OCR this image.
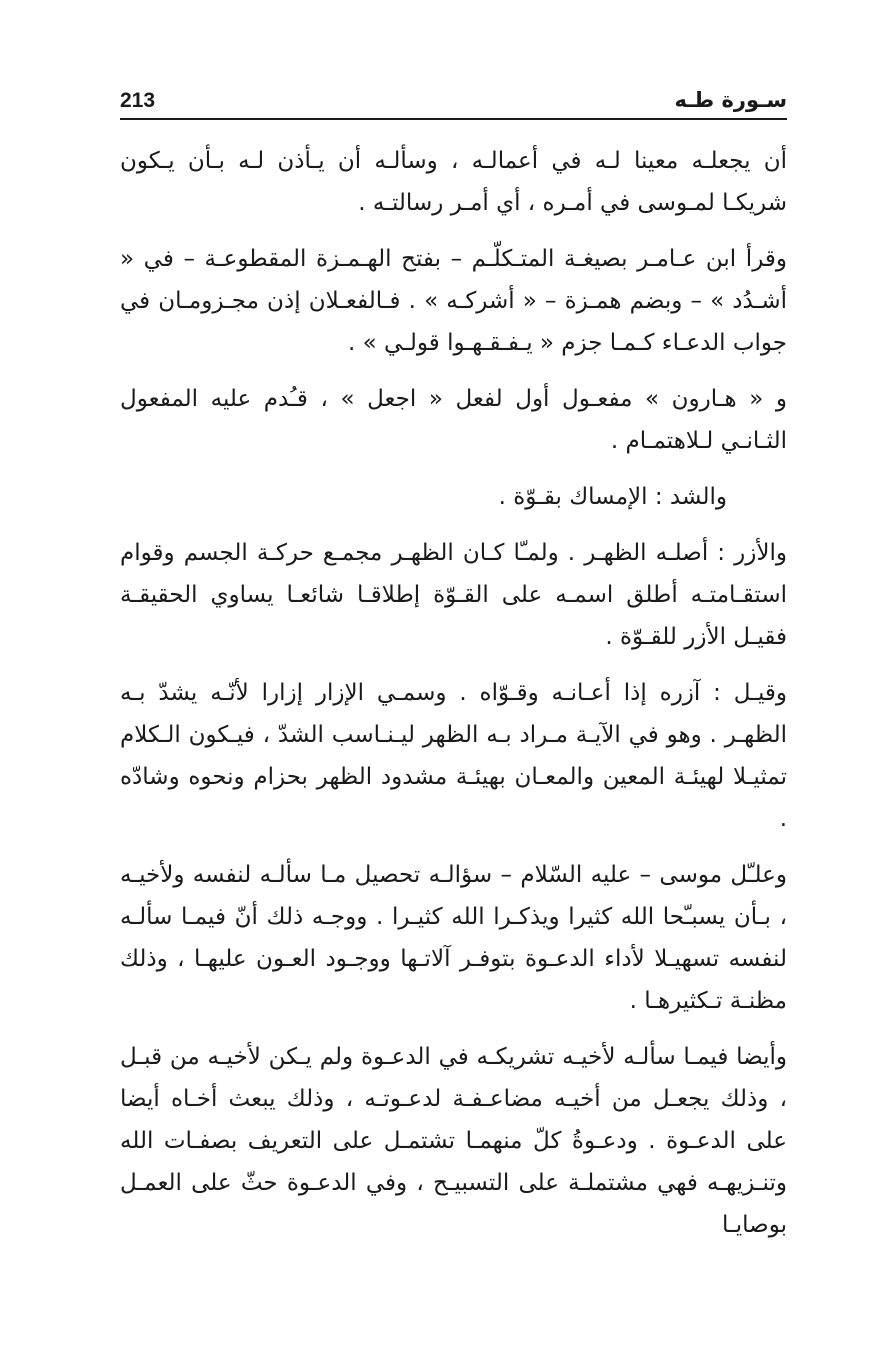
213	سـورة طـه

أن يجعلـه معينا لـه في أعمالـه ، وسألـه أن يـأذن لـه بـأن يـكون شريكـا لمـوسى في أمـره ، أي أمـر رسالتـه .

وقرأ ابن عـامـر بصيغـة المتـكلّـم – بفتح الهـمـزة المقطوعـة – في « أشـدُد » – وبضم همـزة – « أشركـه » . فـالفعـلان إذن مجـزومـان في جواب الدعـاء كـمـا جزم « يـفـقـهـوا قولـي » .

و « هـارون » مفعـول أول لفعل « اجعل » ، قـُدم عليه المفعول الثـانـي لـلاهتمـام .

والشد : الإمساك بقـوّة .

والأزر : أصلـه الظهـر . ولمـّا كـان الظهـر مجمـع حركـة الجسم وقوام استقـامتـه أطلق اسمـه على القـوّة إطلاقـا شائعـا يساوي الحقيقـة فقيـل الأزر للقـوّة .

وقيـل : آزره إذا أعـانـه وقـوّاه . وسمـي الإزار إزارا لأنّـه يشدّ بـه الظهـر . وهو في الآيـة مـراد بـه الظهر ليـنـاسب الشدّ ، فيـكون الـكلام تمثيـلا لهيئـة المعين والمعـان بهيئـة مشدود الظهر بحزام ونحوه وشادّه .

وعلـّل موسى – عليه السّلام – سؤالـه تحصيل مـا سألـه لنفسه ولأخيـه ، بـأن يسبـّحا الله كثيرا ويذكـرا الله كثيـرا . ووجـه ذلك أنّ فيمـا سألـه لنفسه تسهيـلا لأداء الدعـوة بتوفـر آلاتـها ووجـود العـون عليهـا ، وذلك مظنـة تـكثيرهـا .

وأيضا فيمـا سألـه لأخيـه تشريكـه في الدعـوة ولم يـكن لأخيـه من قبـل ، وذلك يجعـل من أخيـه مضاعـفـة لدعـوتـه ، وذلك يبعث أخـاه أيضا على الدعـوة . ودعـوةُ كلّ منهمـا تشتمـل على التعريف بصفـات الله وتنـزيهـه فهي مشتملـة على التسبيـح ، وفي الدعـوة حثّ على العمـل بوصايـا
